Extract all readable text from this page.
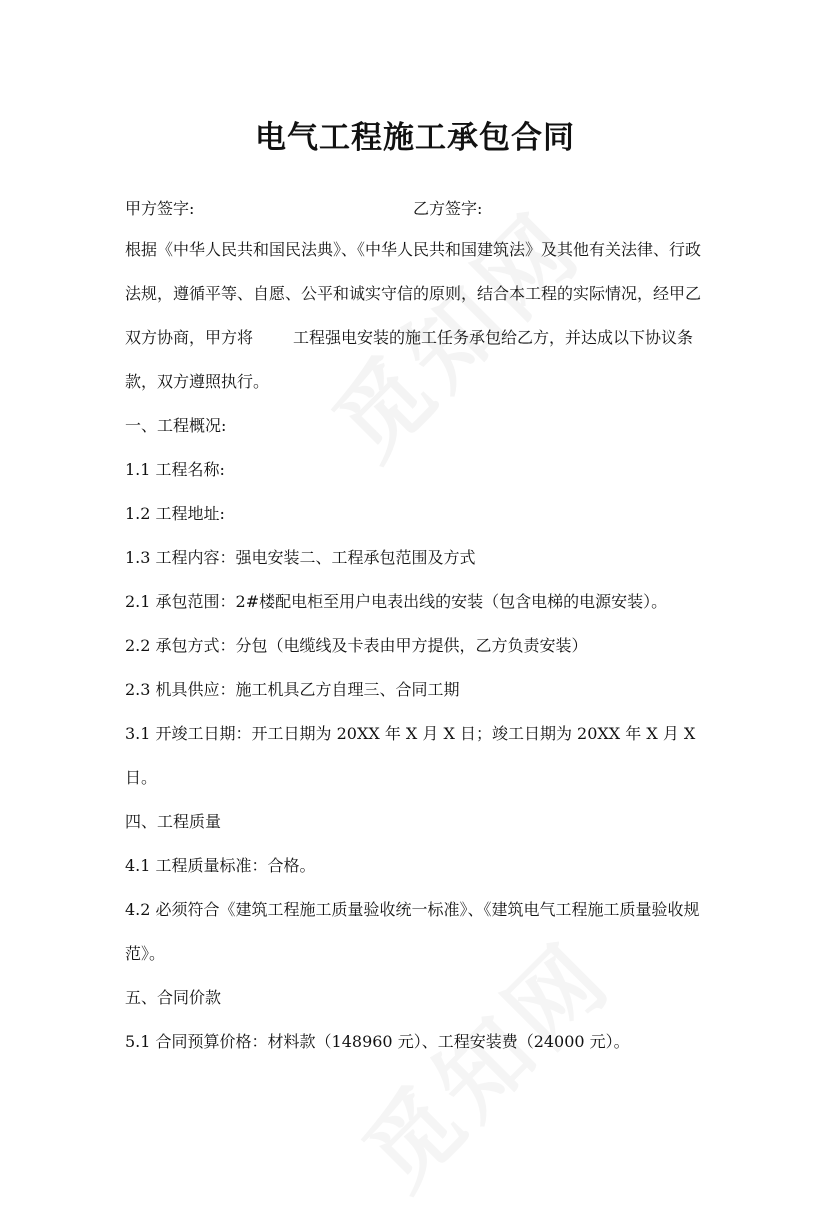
电气工程施工承包合同
甲方签字:	乙方签字:

根据《中华人民共和国民法典》、《中华人民共和国建筑法》及其他有关法律、行政法规，遵循平等、自愿、公平和诚实守信的原则，结合本工程的实际情况，经甲乙双方协商，甲方将	工程强电安装的施工任务承包给乙方，并达成以下协议条款，双方遵照执行。

一、工程概况:

1.1 工程名称:

1.2 工程地址:

1.3 工程内容：强电安装二、工程承包范围及方式

2.1 承包范围：2#楼配电柜至用户电表出线的安装（包含电梯的电源安装）。

2.2 承包方式：分包（电缆线及卡表由甲方提供，乙方负责安装）

2.3 机具供应：施工机具乙方自理三、合同工期

3.1 开竣工日期：开工日期为 20XX 年 X 月 X 日；竣工日期为 20XX 年 X 月 X 日。

四、工程质量

4.1 工程质量标准：合格。

4.2 必须符合《建筑工程施工质量验收统一标准》、《建筑电气工程施工质量验收规范》。

五、合同价款

5.1 合同预算价格：材料款（148960 元）、工程安装费（24000 元）。
